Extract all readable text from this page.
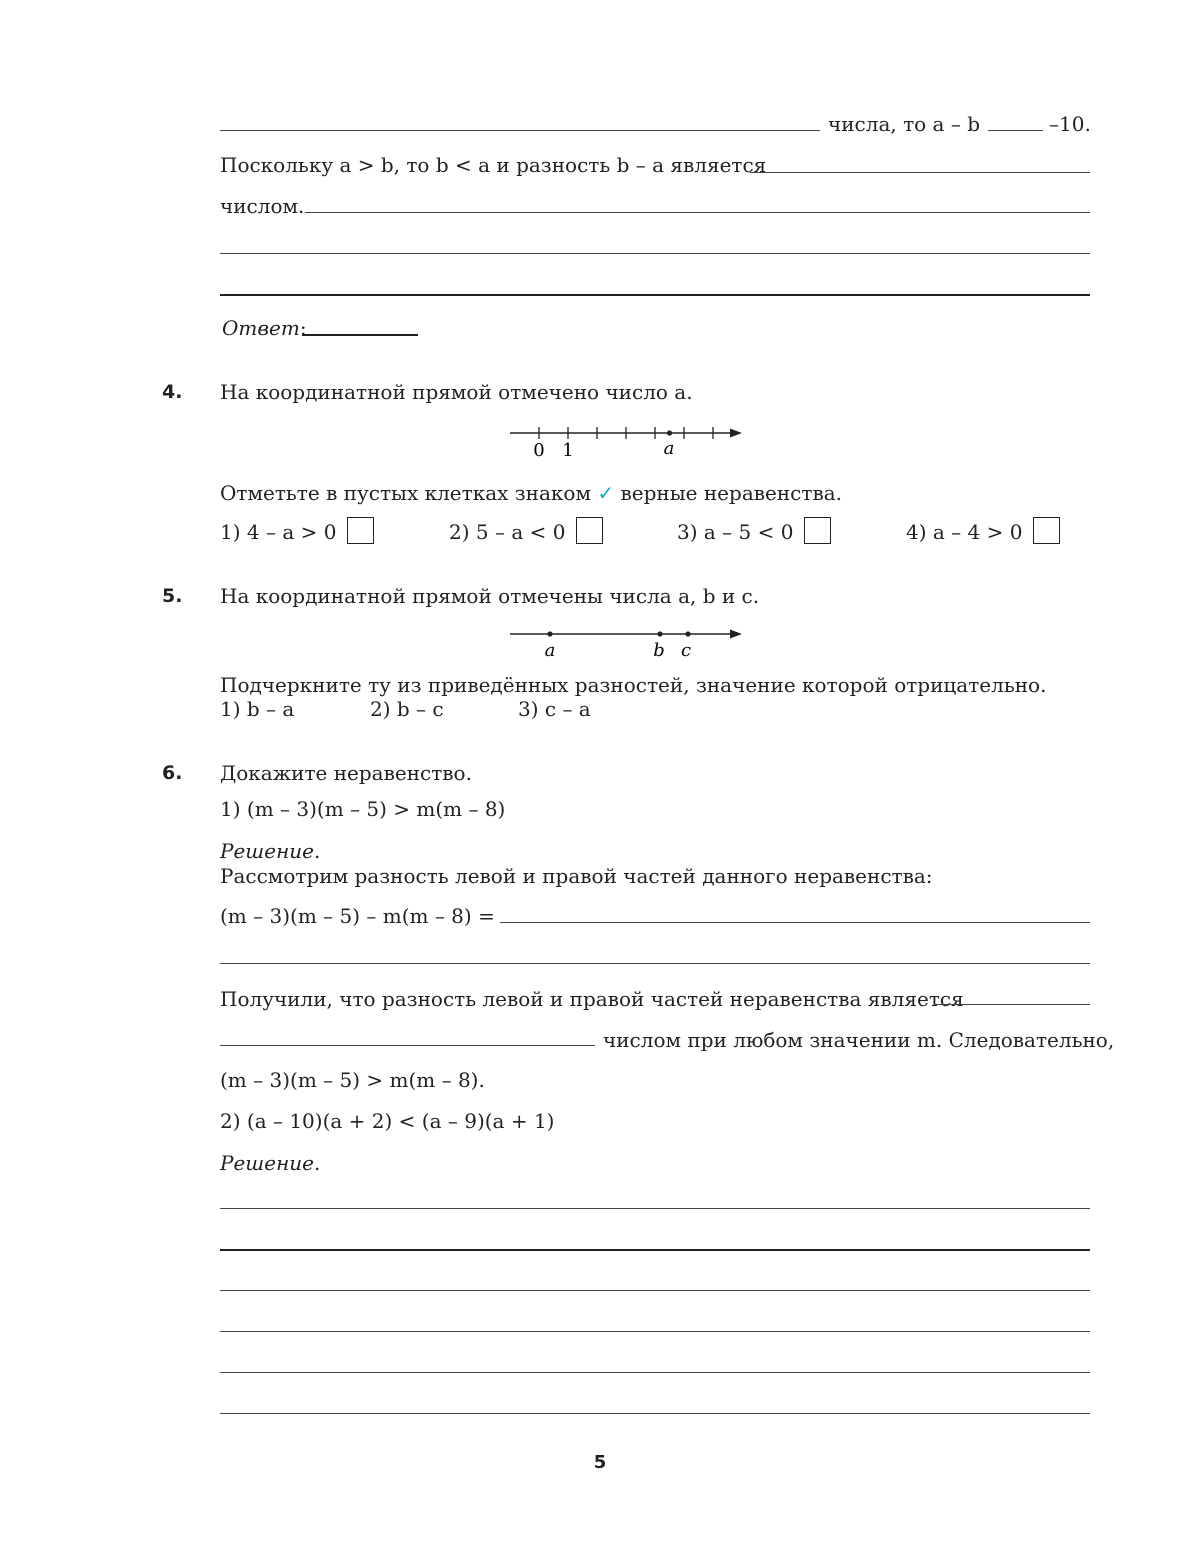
числа, то a – b	–10.
Поскольку a > b, то b < a и разность b – a является
числом.
Ответ:
4. На координатной прямой отмечено число a.
0 1	a
Отметьте в пустых клетках знаком ✓ верные неравенства.
1) 4 – a > 0	2) 5 – a < 0	3) a – 5 < 0	4) a – 4 > 0
5. На координатной прямой отмечены числа a, b и c.
a	b c
Подчеркните ту из приведённых разностей, значение которой отрицательно.
1) b – a	2) b – c	3) c – a
6. Докажите неравенство.
1) (m – 3)(m – 5) > m(m – 8)
Решение.
Рассмотрим разность левой и правой частей данного неравенства:
(m – 3)(m – 5) – m(m – 8) =
Получили, что разность левой и правой частей неравенства является
числом при любом значении m. Следовательно,
(m – 3)(m – 5) > m(m – 8).
2) (a – 10)(a + 2) < (a – 9)(a + 1)
Решение.
5
